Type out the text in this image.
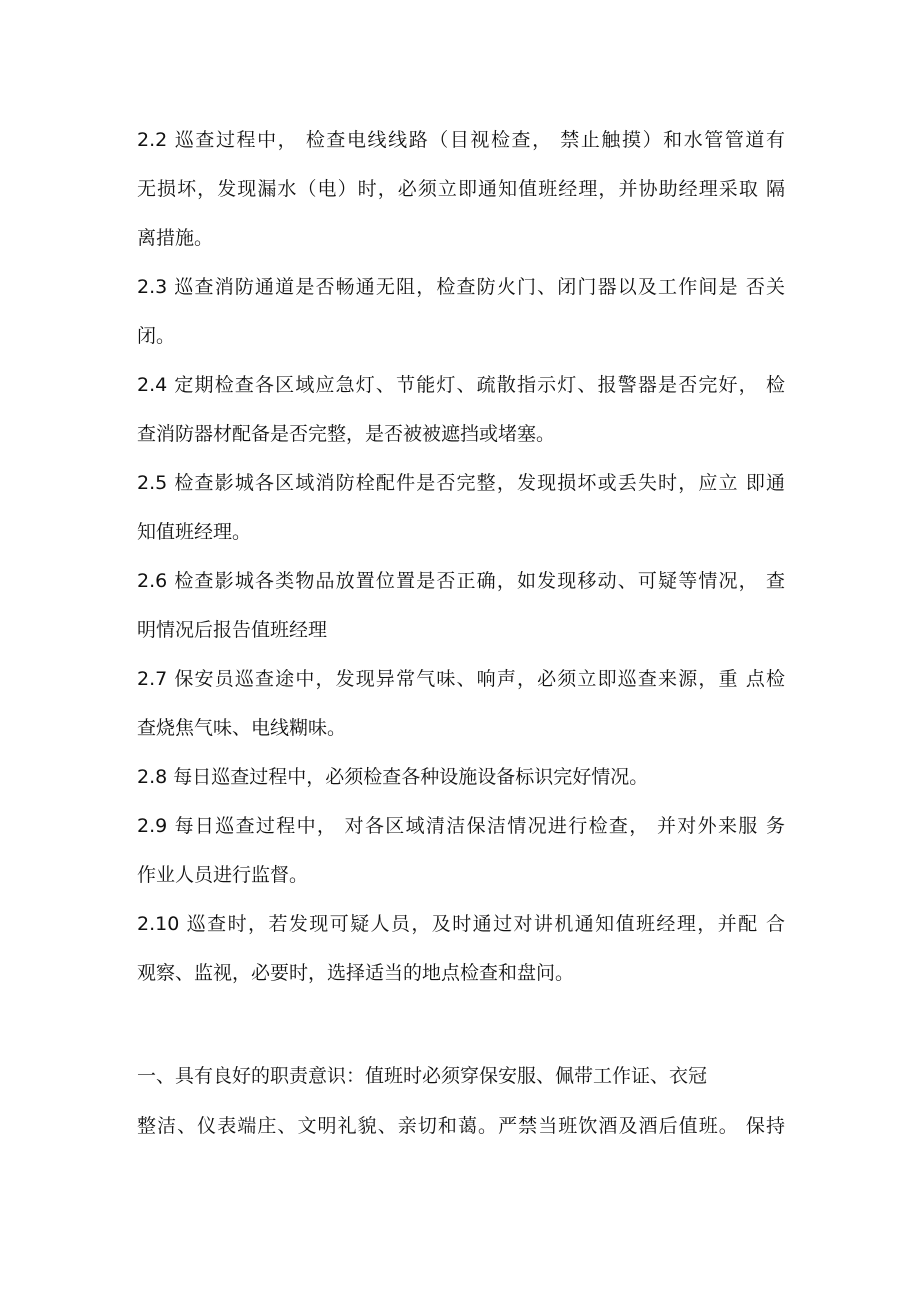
2.2 巡查过程中， 检查电线线路（目视检查， 禁止触摸）和水管管道有
无损坏，发现漏水（电）时，必须立即通知值班经理，并协助经理采取 隔
离措施。
2.3 巡查消防通道是否畅通无阻，检查防火门、闭门器以及工作间是 否关
闭。
2.4 定期检查各区域应急灯、节能灯、疏散指示灯、报警器是否完好， 检
查消防器材配备是否完整，是否被被遮挡或堵塞。
2.5 检查影城各区域消防栓配件是否完整，发现损坏或丢失时，应立 即通
知值班经理。
2.6 检查影城各类物品放置位置是否正确，如发现移动、可疑等情况， 查
明情况后报告值班经理
2.7 保安员巡查途中，发现异常气味、响声，必须立即巡查来源，重 点检
查烧焦气味、电线糊味。
2.8 每日巡查过程中，必须检查各种设施设备标识完好情况。
2.9 每日巡查过程中， 对各区域清洁保洁情况进行检查， 并对外来服 务
作业人员进行监督。
2.10 巡查时，若发现可疑人员，及时通过对讲机通知值班经理，并配 合
观察、监视，必要时，选择适当的地点检查和盘问。
一、具有良好的职责意识：值班时必须穿保安服、佩带工作证、衣冠
整洁、仪表端庄、文明礼貌、亲切和蔼。严禁当班饮酒及酒后值班。 保持
